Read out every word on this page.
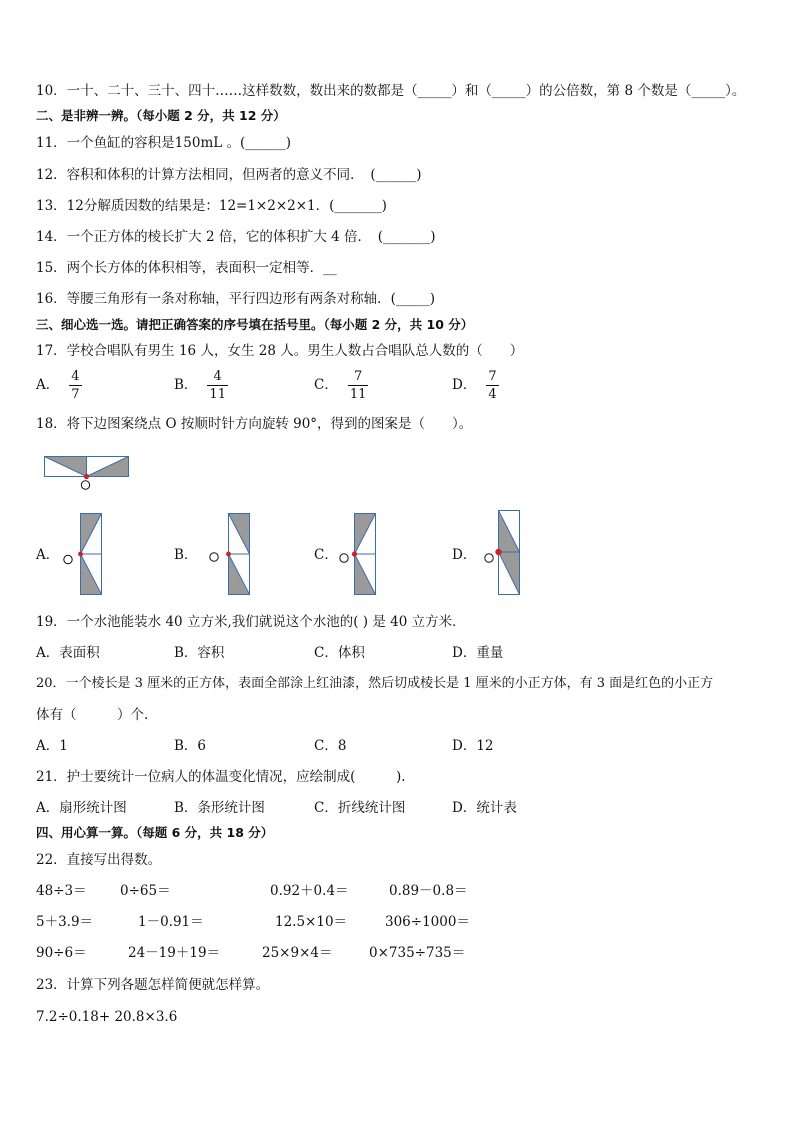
10．一十、二十、三十、四十……这样数数，数出来的数都是（_____）和（_____）的公倍数，第 8 个数是（_____）。
二、是非辨一辨。（每小题 2 分，共 12 分）
11．一个鱼缸的容积是150mL 。(______)
12．容积和体积的计算方法相同，但两者的意义不同．　(______)
13．12分解质因数的结果是：12=1×2×2×1．(_______)
14．一个正方体的棱长扩大 2 倍，它的体积扩大 4 倍．　(_______)
15．两个长方体的体积相等，表面积一定相等．__
16．等腰三角形有一条对称轴，平行四边形有两条对称轴．(_____)
三、细心选一选。请把正确答案的序号填在括号里。（每小题 2 分，共 10 分）
17．学校合唱队有男生 16 人，女生 28 人。男生人数占合唱队总人数的（　　）
A． $\frac{4}{7}$	B． $\frac{4}{11}$	C． $\frac{7}{11}$	D． $\frac{7}{4}$
18．将下边图案绕点 O 按顺时针方向旋转 90°，得到的图案是（　　）。
A．	B．	C．	D．
19．一个水池能装水 40 立方米,我们就说这个水池的( ) 是 40 立方米．
A．表面积	B．容积	C．体积	D．重量
20．一个棱长是 3 厘米的正方体，表面全部涂上红油漆，然后切成棱长是 1 厘米的小正方体，有 3 面是红色的小正方
体有（　　　）个.
A．1	B．6	C．8	D．12
21．护士要统计一位病人的体温变化情况，应绘制成(　　　).
A．扇形统计图	B．条形统计图	C．折线统计图	D．统计表
四、用心算一算。（每题 6 分，共 18 分）
22．直接写出得数。
48÷3＝ 0÷65＝	0.92＋0.4＝	0.89－0.8＝
5＋3.9＝	1－0.91＝	12.5×10＝	306÷1000＝
90÷6＝	24－19＋19＝	25×9×4＝	0×735÷735＝
23．计算下列各题怎样简便就怎样算。
7.2÷0.18+ 20.8×3.6
